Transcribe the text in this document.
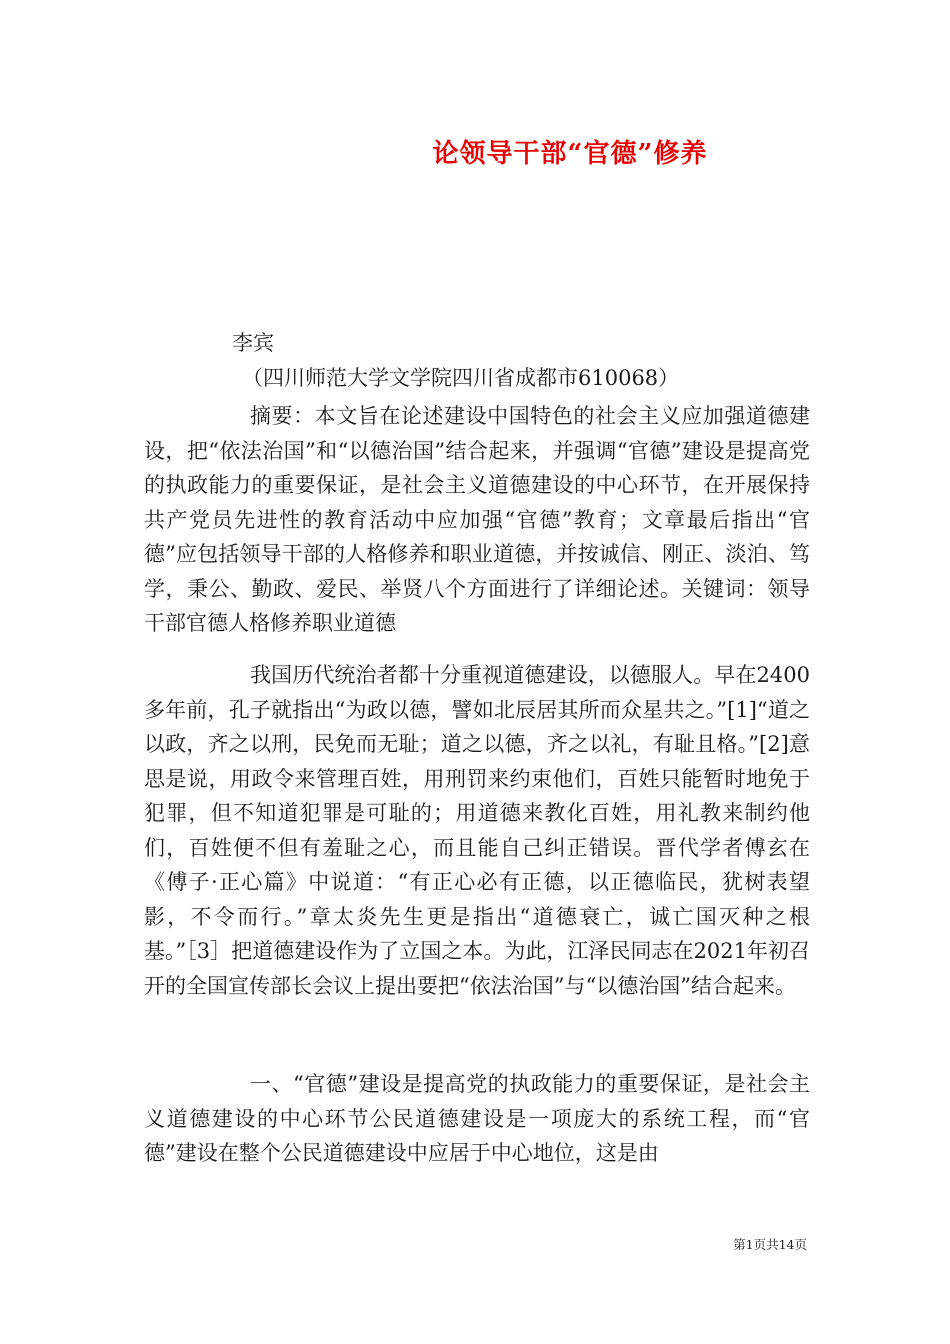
论领导干部“官德”修养
李宾
（四川师范大学文学院四川省成都市610068）

摘要：本文旨在论述建设中国特色的社会主义应加强道德建设，把“依法治国”和“以德治国”结合起来，并强调“官德”建设是提高党的执政能力的重要保证，是社会主义道德建设的中心环节，在开展保持共产党员先进性的教育活动中应加强“官德”教育；文章最后指出“官德”应包括领导干部的人格修养和职业道德，并按诚信、刚正、淡泊、笃学，秉公、勤政、爱民、举贤八个方面进行了详细论述。关键词：领导干部官德人格修养职业道德

我国历代统治者都十分重视道德建设，以德服人。早在2400多年前，孔子就指出“为政以德，譬如北辰居其所而众星共之。”[1]“道之以政，齐之以刑，民免而无耻；道之以德，齐之以礼，有耻且格。”[2]意思是说，用政令来管理百姓，用刑罚来约束他们，百姓只能暂时地免于犯罪，但不知道犯罪是可耻的；用道德来教化百姓，用礼教来制约他们，百姓便不但有羞耻之心，而且能自己纠正错误。晋代学者傅玄在《傅子·正心篇》中说道：“有正心必有正德，以正德临民，犹树表望影，不令而行。”章太炎先生更是指出“道德衰亡，诚亡国灭种之根基。”［3］把道德建设作为了立国之本。为此，江泽民同志在2021年初召开的全国宣传部长会议上提出要把“依法治国”与“以德治国”结合起来。

一、“官德”建设是提高党的执政能力的重要保证，是社会主义道德建设的中心环节公民道德建设是一项庞大的系统工程，而“官德”建设在整个公民道德建设中应居于中心地位，这是由

第1页共14页
